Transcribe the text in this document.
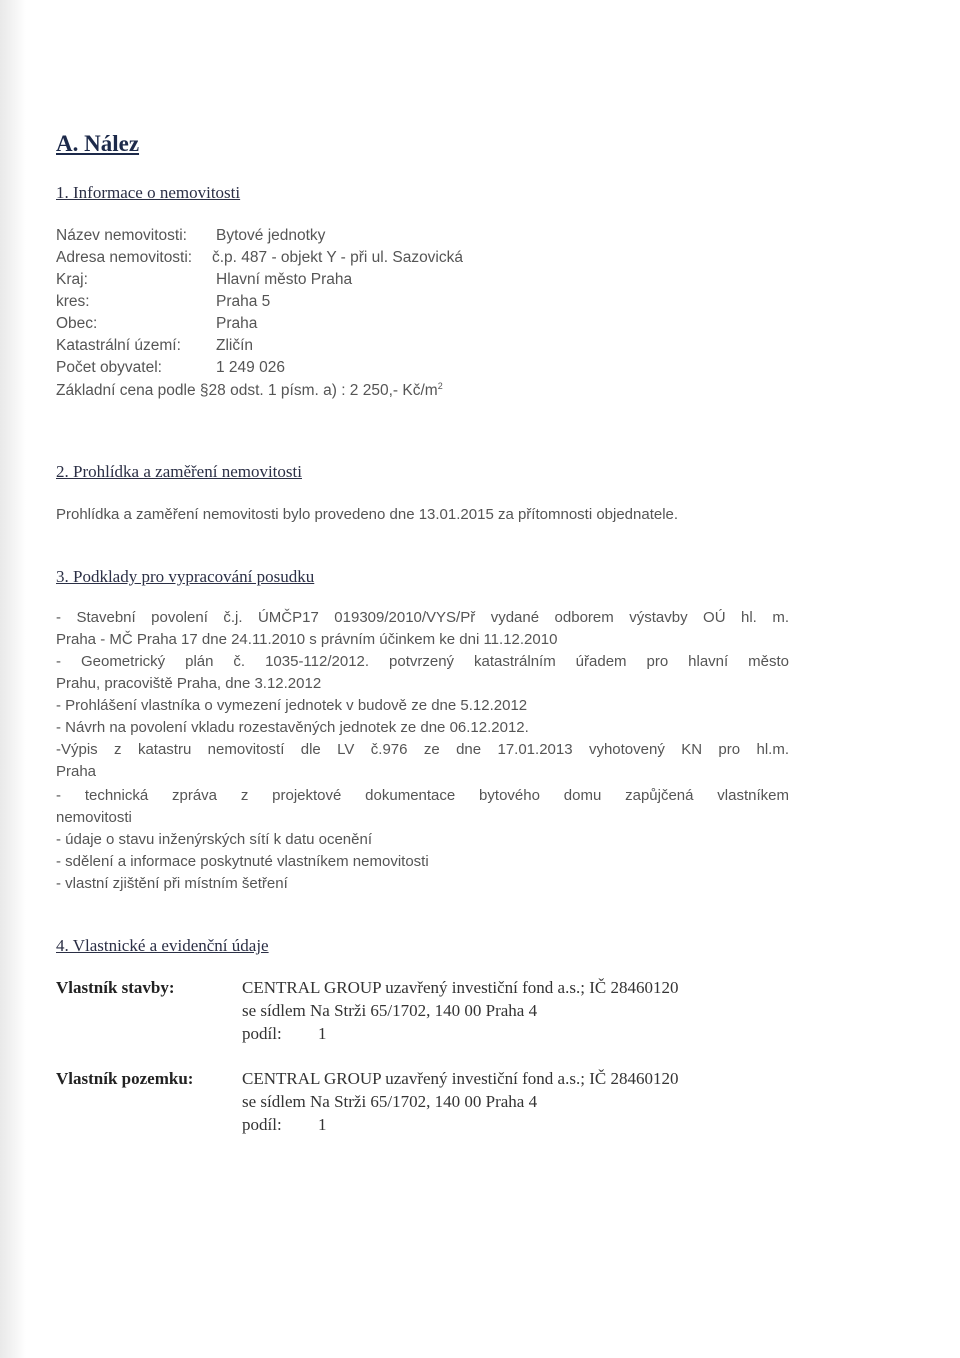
A. Nález
1. Informace o nemovitosti
Název nemovitosti: Bytové jednotky
Adresa nemovitosti: č.p. 487 - objekt Y - při ul. Sazovická
Kraj:	Hlavní město Praha
kres:	Praha 5
Obec:	Praha
Katastrální území: Zličín
Počet obyvatel:	1 249 026
Základní cena podle §28 odst. 1 písm. a) : 2 250,- $Kč/m^2$
2. Prohlídka a zaměření nemovitosti
Prohlídka a zaměření nemovitosti bylo provedeno dne 13.01.2015 za přítomnosti objednatele.
3. Podklady pro vypracování posudku
- Stavební povolení č.j. ÚMČP17 019309/2010/VYS/Př vydané odborem výstavby OÚ hl. m.
Praha - MČ Praha 17 dne 24.11.2010 s právním účinkem ke dni 11.12.2010
- Geometrický plán č. 1035-112/2012. potvrzený katastrálním úřadem pro hlavní město
Prahu, pracoviště Praha, dne 3.12.2012
- Prohlášení vlastníka o vymezení jednotek v budově ze dne 5.12.2012
- Návrh na povolení vkladu rozestavěných jednotek ze dne 06.12.2012.
-Výpis z katastru nemovitostí dle LV č.976 ze dne 17.01.2013 vyhotovený KN pro hl.m.
Praha
- technická zpráva z projektové dokumentace bytového domu zapůjčená vlastníkem
nemovitosti
- údaje o stavu inženýrských sítí k datu ocenění
- sdělení a informace poskytnuté vlastníkem nemovitosti
- vlastní zjištění při místním šetření
4. Vlastnické a evidenční údaje
Vlastník stavby:	CENTRAL GROUP uzavřený investiční fond a.s.; IČ 28460120
se sídlem Na Strži 65/1702, 140 00 Praha 4
podíl: 1
Vlastník pozemku:	CENTRAL GROUP uzavřený investiční fond a.s.; IČ 28460120
se sídlem Na Strži 65/1702, 140 00 Praha 4
podíl: 1
